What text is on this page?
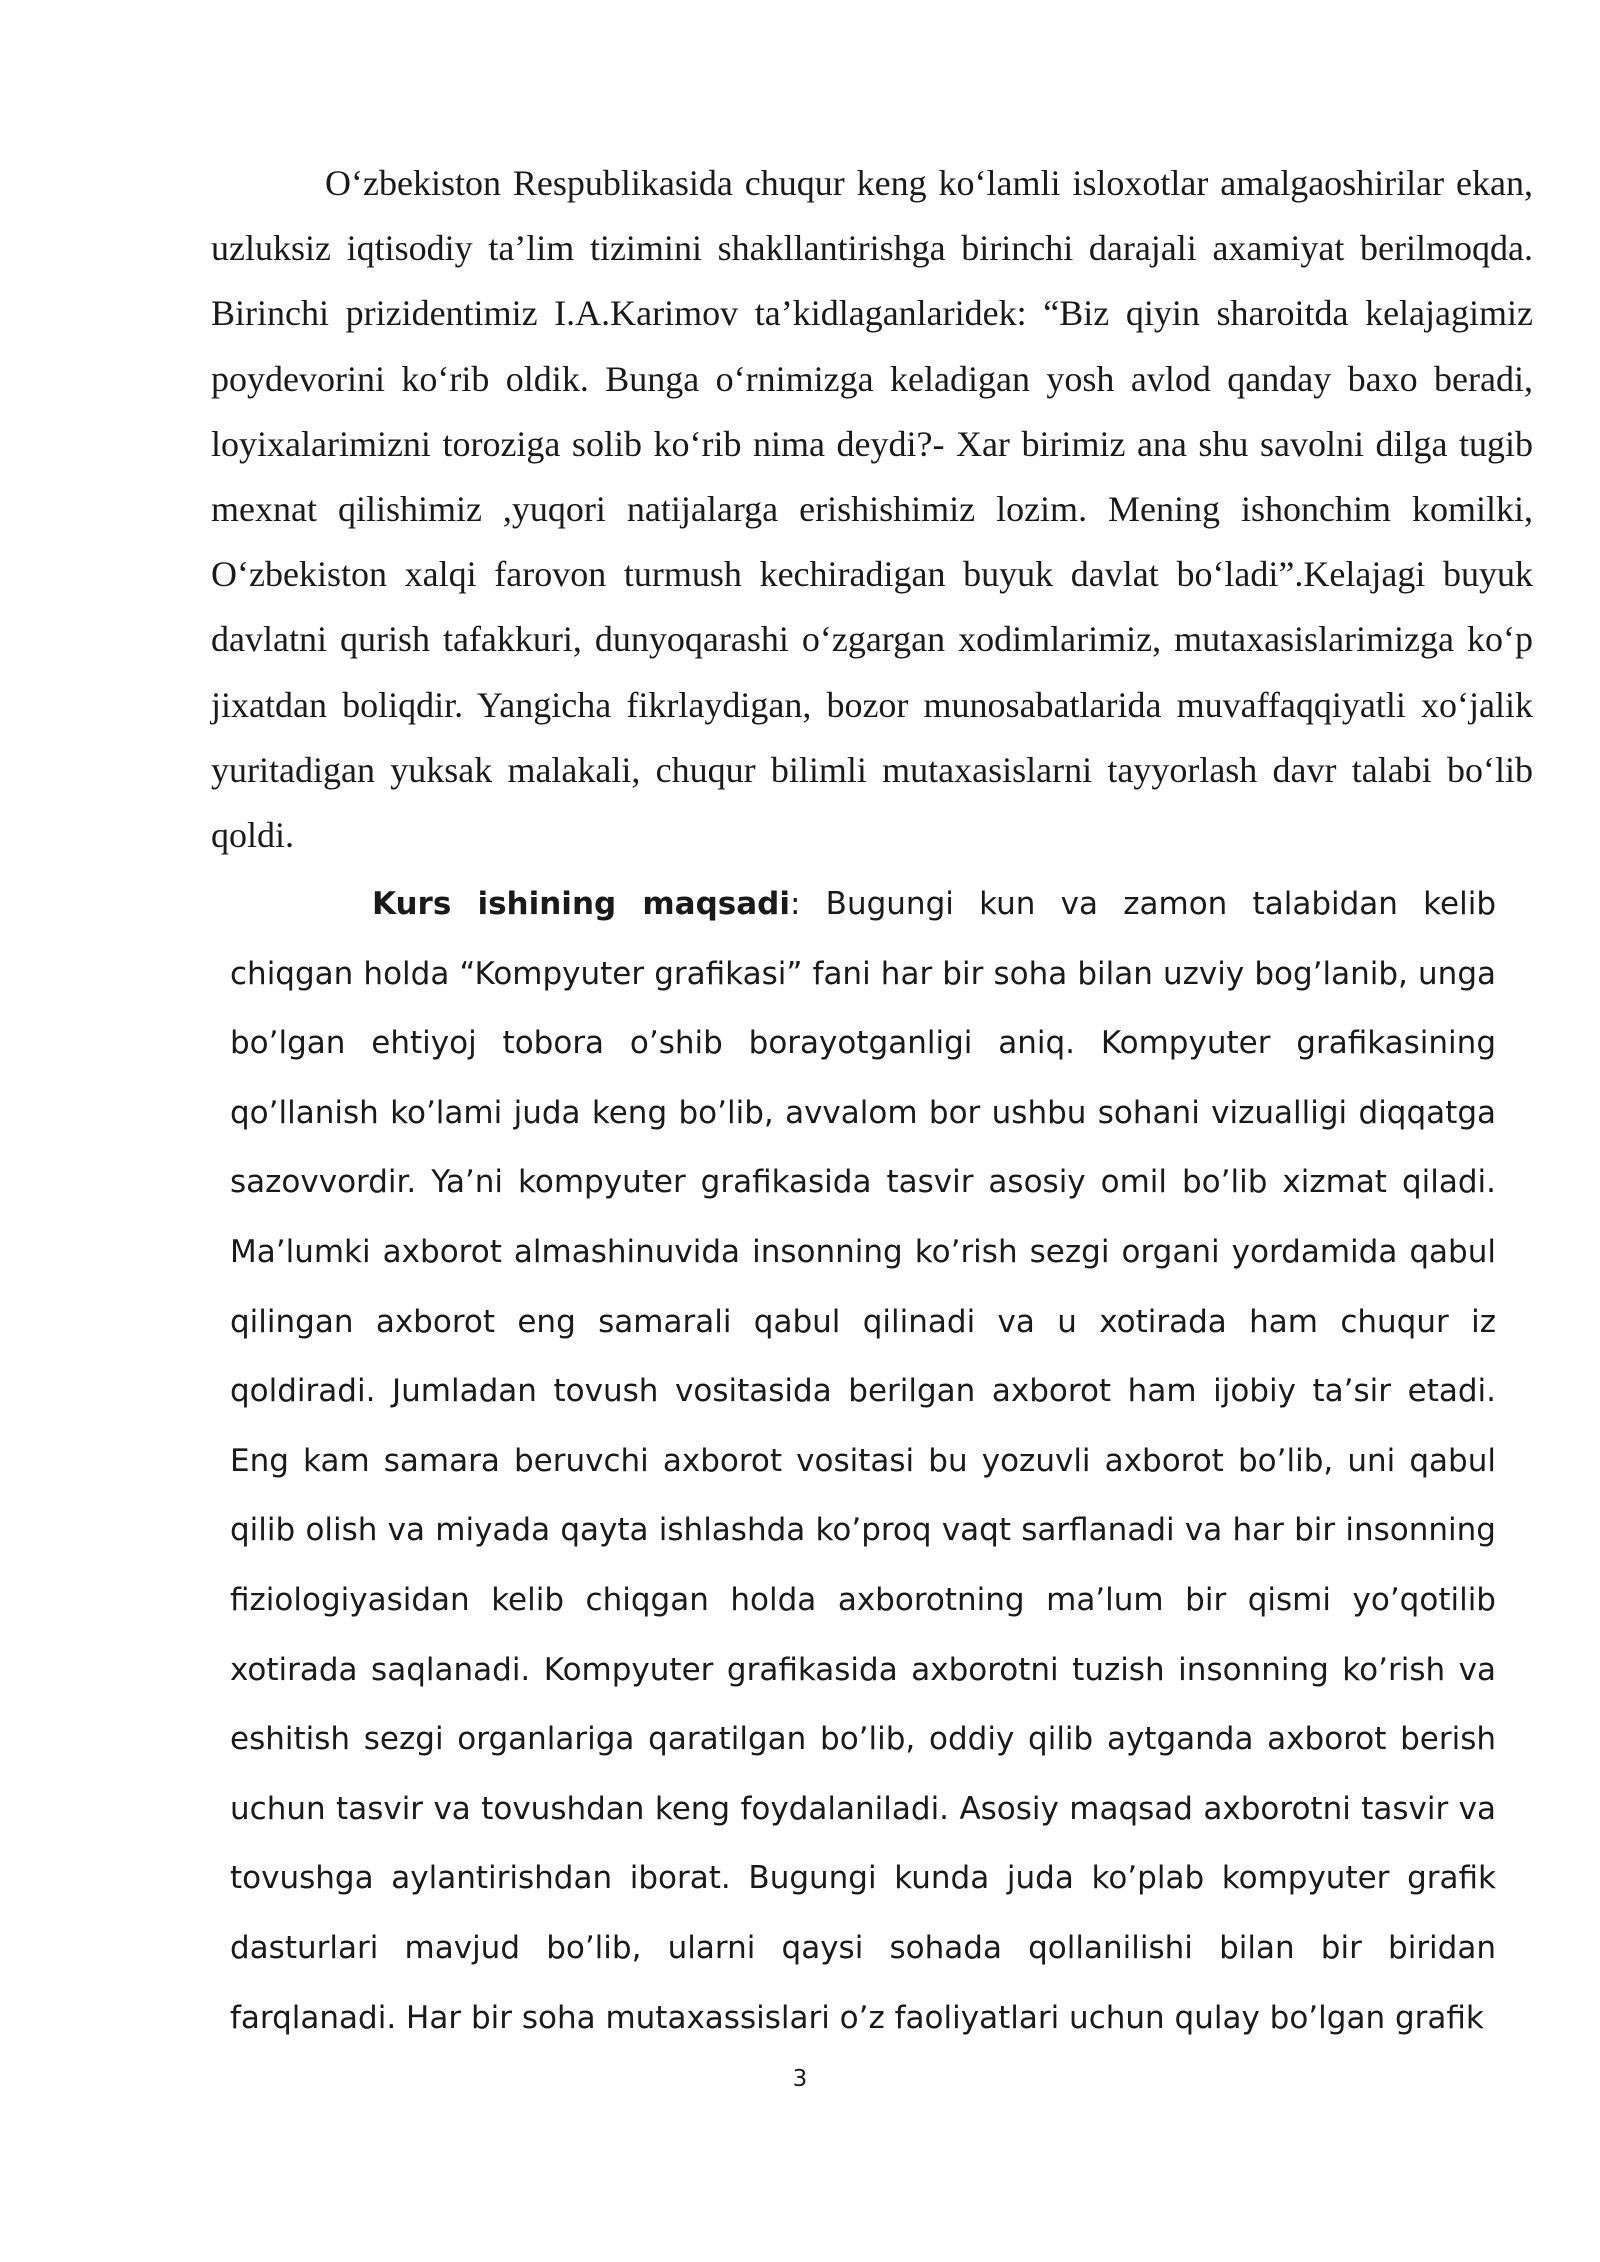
O‘zbekiston Respublikasida chuqur keng ko‘lamli isloxotlar amalgaoshirilar ekan, uzluksiz iqtisodiy ta’lim tizimini shakllantirishga birinchi darajali axamiyat berilmoqda. Birinchi prizidentimiz I.A.Karimov ta’kidlaganlaridek: “Biz qiyin sharoitda kelajagimiz poydevorini ko‘rib oldik. Bunga o‘rnimizga keladigan yosh avlod qanday baxo beradi, loyixalarimizni toroziga solib ko‘rib nima deydi?- Xar birimiz ana shu savolni dilga tugib mexnat qilishimiz ,yuqori natijalarga erishishimiz lozim. Mening ishonchim komilki, O‘zbekiston xalqi farovon turmush kechiradigan buyuk davlat bo‘ladi”.Kelajagi buyuk davlatni qurish tafakkuri, dunyoqarashi o‘zgargan xodimlarimiz, mutaxasislarimizga ko‘p jixatdan boliqdir. Yangicha fikrlaydigan, bozor munosabatlarida muvaffaqqiyatli xo‘jalik yuritadigan yuksak malakali, chuqur bilimli mutaxasislarni tayyorlash davr talabi bo‘lib qoldi.

Kurs ishining maqsadi: Bugungi kun va zamon talabidan kelib chiqgan holda “Kompyuter grafikasi” fani har bir soha bilan uzviy bog’lanib, unga bo’lgan ehtiyoj tobora o’shib borayotganligi aniq. Kompyuter grafikasining qo’llanish ko’lami juda keng bo’lib, avvalom bor ushbu sohani vizualligi diqqatga sazovvordir. Ya’ni kompyuter grafikasida tasvir asosiy omil bo’lib xizmat qiladi. Ma’lumki axborot almashinuvida insonning ko’rish sezgi organi yordamida qabul qilingan axborot eng samarali qabul qilinadi va u xotirada ham chuqur iz qoldiradi. Jumladan tovush vositasida berilgan axborot ham ijobiy ta’sir etadi. Eng kam samara beruvchi axborot vositasi bu yozuvli axborot bo’lib, uni qabul qilib olish va miyada qayta ishlashda ko’proq vaqt sarflanadi va har bir insonning fiziologiyasidan kelib chiqgan holda axborotning ma’lum bir qismi yo’qotilib xotirada saqlanadi. Kompyuter grafikasida axborotni tuzish insonning ko’rish va eshitish sezgi organlariga qaratilgan bo’lib, oddiy qilib aytganda axborot berish uchun tasvir va tovushdan keng foydalaniladi. Asosiy maqsad axborotni tasvir va tovushga aylantirishdan iborat. Bugungi kunda juda ko’plab kompyuter grafik dasturlari mavjud bo’lib, ularni qaysi sohada qollanilishi bilan bir biridan farqlanadi. Har bir soha mutaxassislari o’z faoliyatlari uchun qulay bo’lgan grafik

3
